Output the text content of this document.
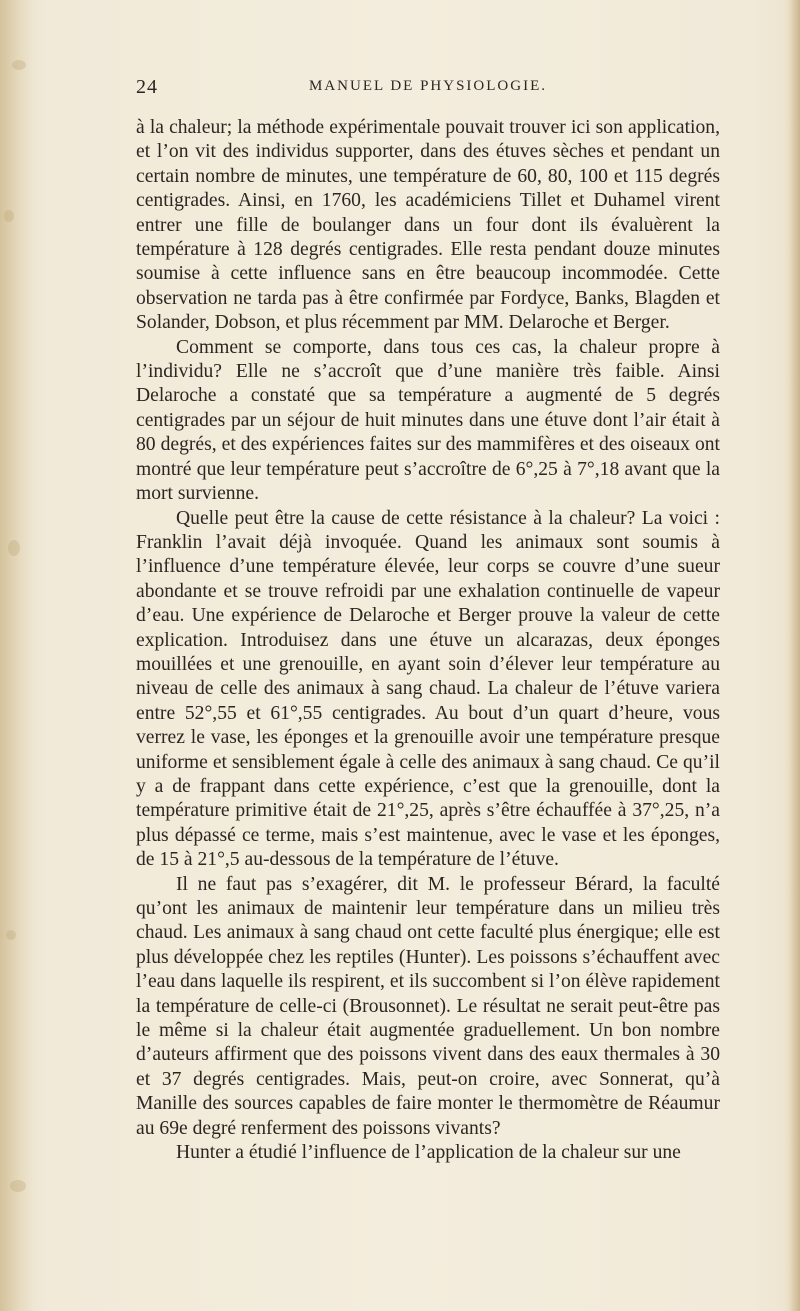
24	MANUEL DE PHYSIOLOGIE.

à la chaleur; la méthode expérimentale pouvait trouver ici son application, et l’on vit des individus supporter, dans des étuves sèches et pendant un certain nombre de minutes, une température de 60, 80, 100 et 115 degrés centigrades. Ainsi, en 1760, les académiciens Tillet et Duhamel virent entrer une fille de boulanger dans un four dont ils évaluèrent la température à 128 degrés centigrades. Elle resta pendant douze minutes soumise à cette influence sans en être beaucoup incommodée. Cette observation ne tarda pas à être confirmée par Fordyce, Banks, Blagden et Solander, Dobson, et plus récemment par MM. Delaroche et Berger.

Comment se comporte, dans tous ces cas, la chaleur propre à l’individu? Elle ne s’accroît que d’une manière très faible. Ainsi Delaroche a constaté que sa température a augmenté de 5 degrés centigrades par un séjour de huit minutes dans une étuve dont l’air était à 80 degrés, et des expériences faites sur des mammifères et des oiseaux ont montré que leur température peut s’accroître de 6°,25 à 7°,18 avant que la mort survienne.

Quelle peut être la cause de cette résistance à la chaleur? La voici : Franklin l’avait déjà invoquée. Quand les animaux sont soumis à l’influence d’une température élevée, leur corps se couvre d’une sueur abondante et se trouve refroidi par une exhalation continuelle de vapeur d’eau. Une expérience de Delaroche et Berger prouve la valeur de cette explication. Introduisez dans une étuve un alcarazas, deux éponges mouillées et une grenouille, en ayant soin d’élever leur température au niveau de celle des animaux à sang chaud. La chaleur de l’étuve variera entre 52°,55 et 61°,55 centigrades. Au bout d’un quart d’heure, vous verrez le vase, les éponges et la grenouille avoir une température presque uniforme et sensiblement égale à celle des animaux à sang chaud. Ce qu’il y a de frappant dans cette expérience, c’est que la grenouille, dont la température primitive était de 21°,25, après s’être échauffée à 37°,25, n’a plus dépassé ce terme, mais s’est maintenue, avec le vase et les éponges, de 15 à 21°,5 au-dessous de la température de l’étuve.

Il ne faut pas s’exagérer, dit M. le professeur Bérard, la faculté qu’ont les animaux de maintenir leur température dans un milieu très chaud. Les animaux à sang chaud ont cette faculté plus énergique; elle est plus développée chez les reptiles (Hunter). Les poissons s’échauffent avec l’eau dans laquelle ils respirent, et ils succombent si l’on élève rapidement la température de celle-ci (Brousonnet). Le résultat ne serait peut-être pas le même si la chaleur était augmentée graduellement. Un bon nombre d’auteurs affirment que des poissons vivent dans des eaux thermales à 30 et 37 degrés centigrades. Mais, peut-on croire, avec Sonnerat, qu’à Manille des sources capables de faire monter le thermomètre de Réaumur au 69e degré renferment des poissons vivants?

Hunter a étudié l’influence de l’application de la chaleur sur une
